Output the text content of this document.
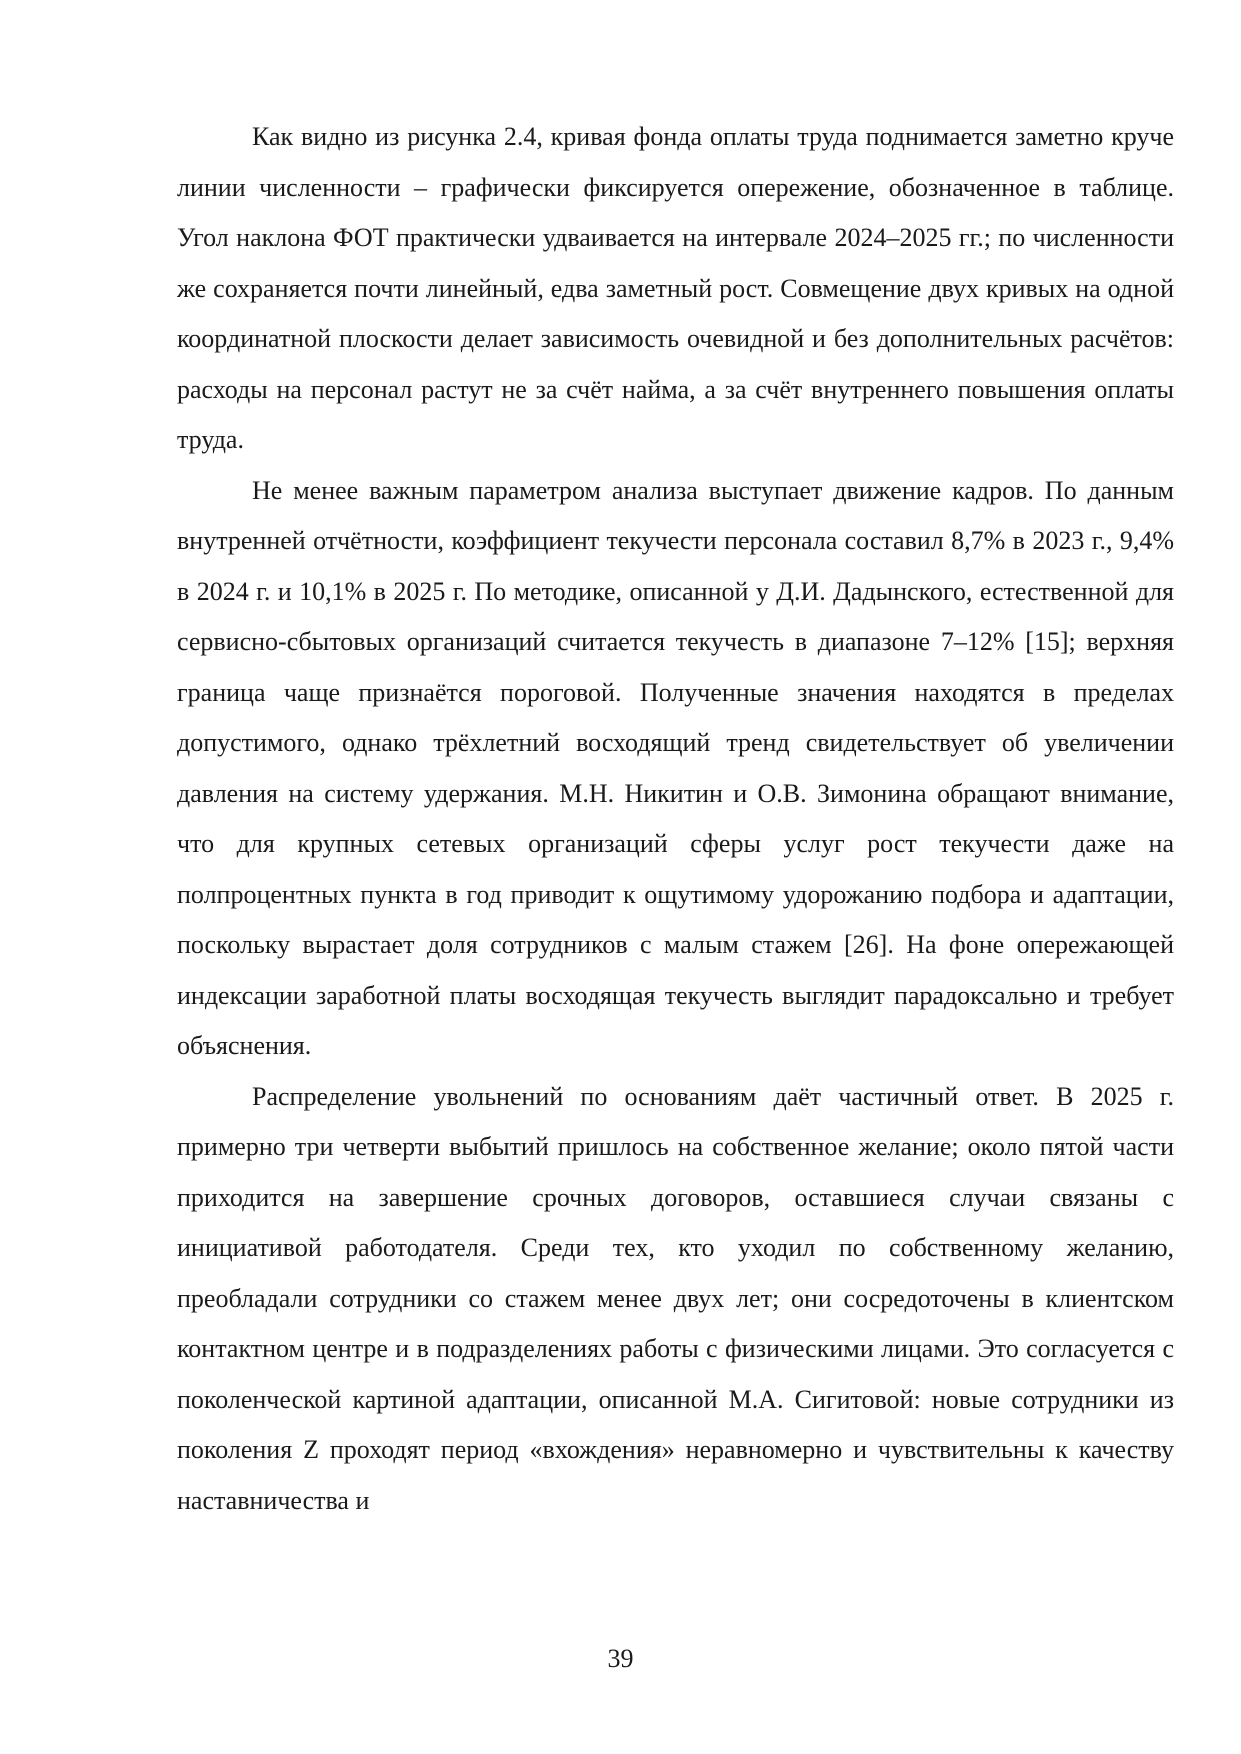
Как видно из рисунка 2.4, кривая фонда оплаты труда поднимается заметно круче линии численности – графически фиксируется опережение, обозначенное в таблице. Угол наклона ФОТ практически удваивается на интервале 2024–2025 гг.; по численности же сохраняется почти линейный, едва заметный рост. Совмещение двух кривых на одной координатной плоскости делает зависимость очевидной и без дополнительных расчётов: расходы на персонал растут не за счёт найма, а за счёт внутреннего повышения оплаты труда.

Не менее важным параметром анализа выступает движение кадров. По данным внутренней отчётности, коэффициент текучести персонала составил 8,7% в 2023 г., 9,4% в 2024 г. и 10,1% в 2025 г. По методике, описанной у Д.И. Дадынского, естественной для сервисно-сбытовых организаций считается текучесть в диапазоне 7–12% [15]; верхняя граница чаще признаётся пороговой. Полученные значения находятся в пределах допустимого, однако трёхлетний восходящий тренд свидетельствует об увеличении давления на систему удержания. М.Н. Никитин и О.В. Зимонина обращают внимание, что для крупных сетевых организаций сферы услуг рост текучести даже на полпроцентных пункта в год приводит к ощутимому удорожанию подбора и адаптации, поскольку вырастает доля сотрудников с малым стажем [26]. На фоне опережающей индексации заработной платы восходящая текучесть выглядит парадоксально и требует объяснения.

Распределение увольнений по основаниям даёт частичный ответ. В 2025 г. примерно три четверти выбытий пришлось на собственное желание; около пятой части приходится на завершение срочных договоров, оставшиеся случаи связаны с инициативой работодателя. Среди тех, кто уходил по собственному желанию, преобладали сотрудники со стажем менее двух лет; они сосредоточены в клиентском контактном центре и в подразделениях работы с физическими лицами. Это согласуется с поколенческой картиной адаптации, описанной М.А. Сигитовой: новые сотрудники из поколения Z проходят период «вхождения» неравномерно и чувствительны к качеству наставничества и

39
